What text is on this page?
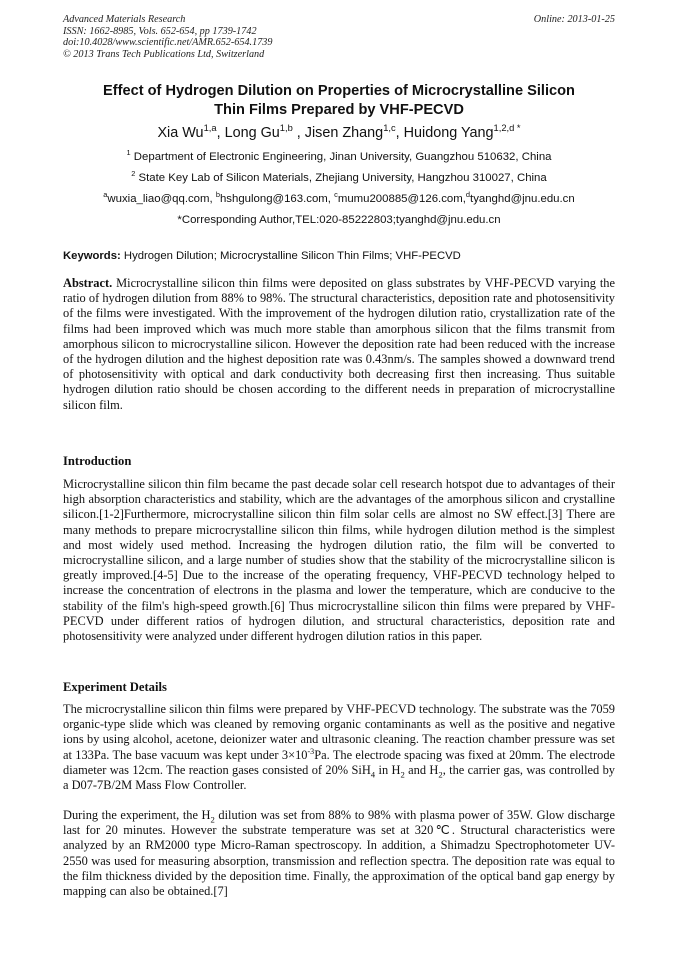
Advanced Materials Research
ISSN: 1662-8985, Vols. 652-654, pp 1739-1742
doi:10.4028/www.scientific.net/AMR.652-654.1739
© 2013 Trans Tech Publications Ltd, Switzerland
Online: 2013-01-25
Effect of Hydrogen Dilution on Properties of Microcrystalline Silicon
Thin Films Prepared by VHF-PECVD
Xia Wu$^{1,a}$, Long Gu$^{1,b}$ , Jisen Zhang$^{1,c}$, Huidong Yang$^{1,2,d *}$
$^1$ Department of Electronic Engineering, Jinan University, Guangzhou 510632, China
$^2$ State Key Lab of Silicon Materials, Zhejiang University, Hangzhou 310027, China
$^a$wuxia_liao@qq.com, $^b$hshgulong@163.com, $^c$mumu200885@126.com,$^d$tyanghd@jnu.edu.cn
*Corresponding Author,TEL:020-85222803;tyanghd@jnu.edu.cn
Keywords: Hydrogen Dilution; Microcrystalline Silicon Thin Films; VHF-PECVD
Abstract. Microcrystalline silicon thin films were deposited on glass substrates by VHF-PECVD varying the ratio of hydrogen dilution from 88% to 98%. The structural characteristics, deposition rate and photosensitivity of the films were investigated. With the improvement of the hydrogen dilution ratio, crystallization rate of the films had been improved which was much more stable than amorphous silicon that the films transmit from amorphous silicon to microcrystalline silicon. However the deposition rate had been reduced with the increase of the hydrogen dilution and the highest deposition rate was 0.43nm/s. The samples showed a downward trend of photosensitivity with optical and dark conductivity both decreasing first then increasing. Thus suitable hydrogen dilution ratio should be chosen according to the different needs in preparation of microcrystalline silicon film.
Introduction
Microcrystalline silicon thin film became the past decade solar cell research hotspot due to advantages of their high absorption characteristics and stability, which are the advantages of the amorphous silicon and crystalline silicon.[1-2]Furthermore, microcrystalline silicon thin film solar cells are almost no SW effect.[3] There are many methods to prepare microcrystalline silicon thin films, while hydrogen dilution method is the simplest and most widely used method. Increasing the hydrogen dilution ratio, the film will be converted to microcrystalline silicon, and a large number of studies show that the stability of the microcrystalline silicon is greatly improved.[4-5] Due to the increase of the operating frequency, VHF-PECVD technology helped to increase the concentration of electrons in the plasma and lower the temperature, which are conducive to the stability of the film's high-speed growth.[6] Thus microcrystalline silicon thin films were prepared by VHF-PECVD under different ratios of hydrogen dilution, and structural characteristics, deposition rate and photosensitivity were analyzed under different hydrogen dilution ratios in this paper.
Experiment Details
The microcrystalline silicon thin films were prepared by VHF-PECVD technology. The substrate was the 7059 organic-type slide which was cleaned by removing organic contaminants as well as the positive and negative ions by using alcohol, acetone, deionizer water and ultrasonic cleaning. The reaction chamber pressure was set at 133Pa. The base vacuum was kept under $3\times 10^{-3}Pa$. The electrode spacing was fixed at 20mm. The electrode diameter was 12cm. The reaction gases consisted of 20% SiH$_4$ in $H_2$ and $H_2$, the carrier gas, was controlled by a D07-7B/2M Mass Flow Controller.
During the experiment, the $H_2$ dilution was set from 88% to 98% with plasma power of 35W. Glow discharge last for 20 minutes. However the substrate temperature was set at 320℃. Structural characteristics were analyzed by an RM2000 type Micro-Raman spectroscopy. In addition, a Shimadzu Spectrophotometer UV-2550 was used for measuring absorption, transmission and reflection spectra. The deposition rate was equal to the film thickness divided by the deposition time. Finally, the approximation of the optical band gap energy by mapping can also be obtained.[7]
